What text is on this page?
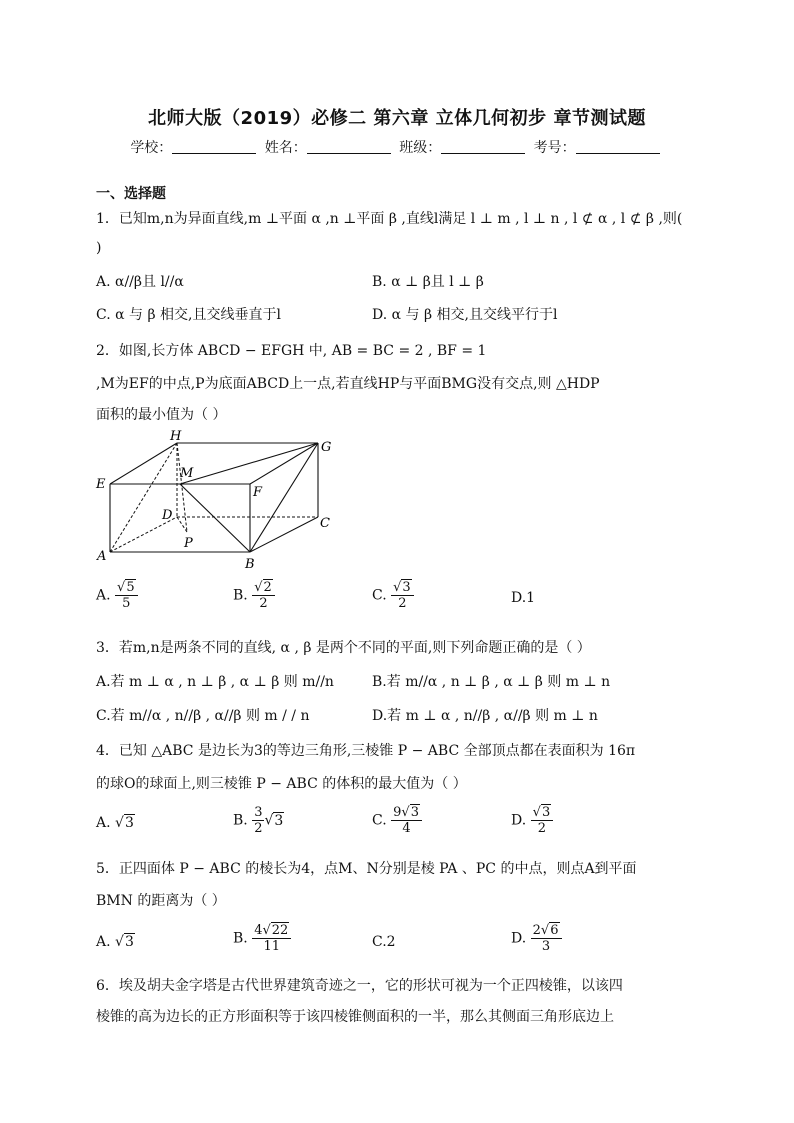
北师大版（2019）必修二 第六章 立体几何初步 章节测试题
学校：	姓名：	班级：	考号：
一、选择题
1．已知m,n为异面直线,m ⊥平面 α ,n ⊥平面 β ,直线l满足 l ⊥ m , l ⊥ n , l ⊄ α , l ⊄ β ,则(
)
A. α//β且 l//α	B. α ⊥ β且 l ⊥ β
C. α 与 β 相交,且交线垂直于l	D. α 与 β 相交,且交线平行于l
2．如图,长方体 ABCD − EFGH 中, AB = BC = 2 , BF = 1
,M为EF的中点,P为底面ABCD上一点,若直线HP与平面BMG没有交点,则 △HDP
面积的最小值为（ ）
H
G
E
M
F
D
C
P
A
B
A. $\frac{√5}{5}$	B. $\frac{√2}{2}$	C. $\frac{√3}{2}$	D.1
3．若m,n是两条不同的直线, α , β 是两个不同的平面,则下列命题正确的是（ ）
A.若 m ⊥ α , n ⊥ β , α ⊥ β 则 m//n	B.若 m//α , n ⊥ β , α ⊥ β 则 m ⊥ n
C.若 m//α , n//β , α//β 则 m / / n	D.若 m ⊥ α , n//β , α//β 则 m ⊥ n
4．已知 △ABC 是边长为3的等边三角形,三棱锥 P − ABC 全部顶点都在表面积为 16π
的球O的球面上,则三棱锥 P − ABC 的体积的最大值为（ ）
A. √3	B. $\frac{3}{2} √3$	C. $\frac{9√3}{4}$	D. $\frac{√3}{2}$
5．正四面体 P − ABC 的棱长为4，点M、N分别是棱 PA 、PC 的中点，则点A到平面
BMN 的距离为（ ）
A. √3	B. $\frac{4√22}{11}$	C.2	D. $\frac{2√6}{3}$
6．埃及胡夫金字塔是古代世界建筑奇迹之一，它的形状可视为一个正四棱锥，以该四
棱锥的高为边长的正方形面积等于该四棱锥侧面积的一半，那么其侧面三角形底边上
